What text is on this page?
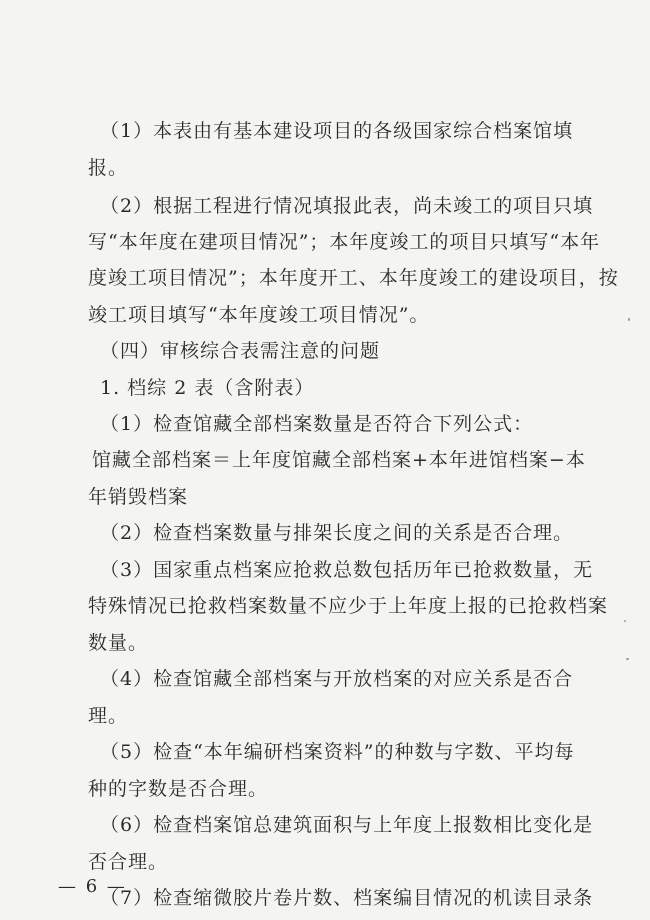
（1）本表由有基本建设项目的各级国家综合档案馆填
报。
（2）根据工程进行情况填报此表，尚未竣工的项目只填
写“本年度在建项目情况”；本年度竣工的项目只填写“本年
度竣工项目情况”；本年度开工、本年度竣工的建设项目，按
竣工项目填写“本年度竣工项目情况”。
（四）审核综合表需注意的问题
1. 档综 2 表（含附表）
（1）检查馆藏全部档案数量是否符合下列公式：
馆藏全部档案＝上年度馆藏全部档案+本年进馆档案−本
年销毁档案
（2）检查档案数量与排架长度之间的关系是否合理。
（3）国家重点档案应抢救总数包括历年已抢救数量，无
特殊情况已抢救档案数量不应少于上年度上报的已抢救档案
数量。
（4）检查馆藏全部档案与开放档案的对应关系是否合
理。
（5）检查“本年编研档案资料”的种数与字数、平均每
种的字数是否合理。
（6）检查档案馆总建筑面积与上年度上报数相比变化是
否合理。
（7）检查缩微胶片卷片数、档案编目情况的机读目录条
— 6 —
